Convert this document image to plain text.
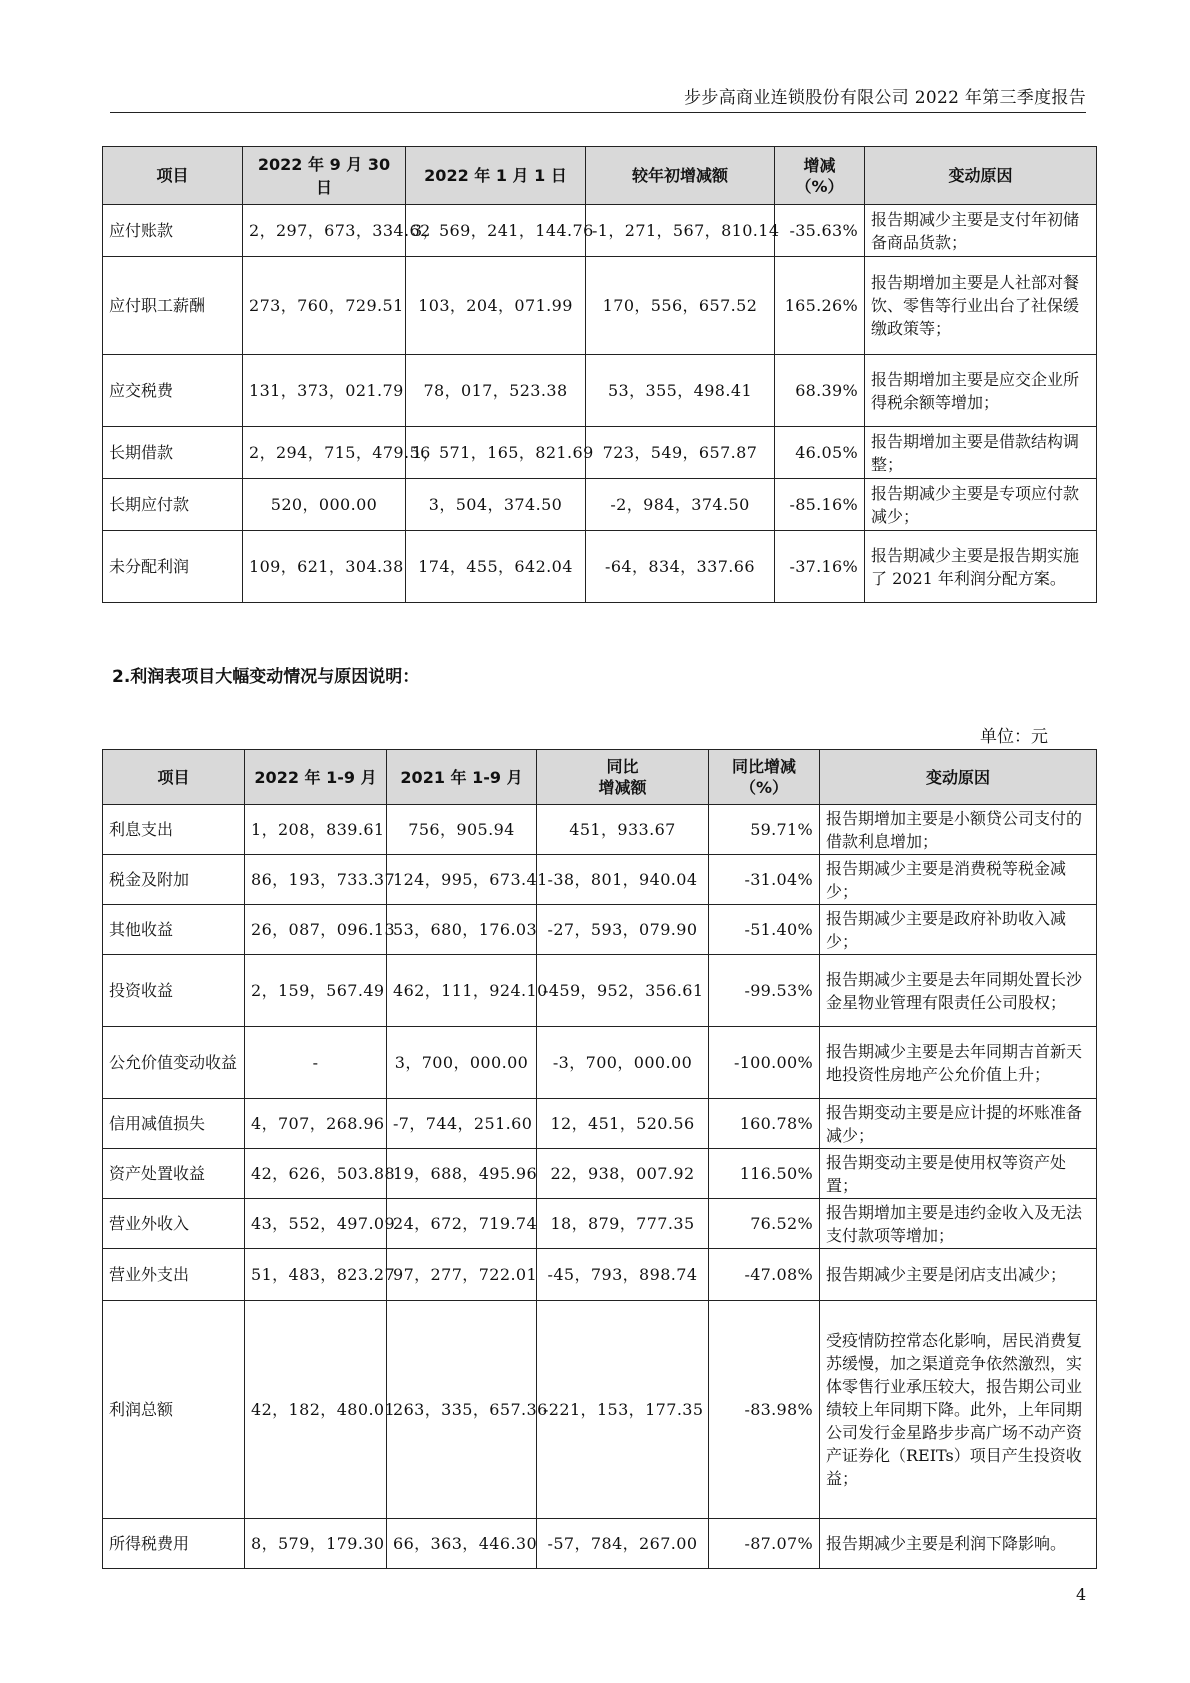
步步高商业连锁股份有限公司 2022 年第三季度报告
项目	2022 年 9 月 30 日	2022 年 1 月 1 日	较年初增减额	增减
（%）	变动原因
应付账款	2，297，673，334.62	3，569，241，144.76	-1，271，567，810.14	-35.63%	报告期减少主要是支付年初储备商品货款；
应付职工薪酬	273，760，729.51	103，204，071.99	170，556，657.52	165.26%	报告期增加主要是人社部对餐饮、零售等行业出台了社保缓缴政策等；
应交税费	131，373，021.79	78，017，523.38	53，355，498.41	68.39%	报告期增加主要是应交企业所得税余额等增加；
长期借款	2，294，715，479.56	1，571，165，821.69	723，549，657.87	46.05%	报告期增加主要是借款结构调整；
长期应付款	520，000.00	3，504，374.50	-2，984，374.50	-85.16%	报告期减少主要是专项应付款减少；
未分配利润	109，621，304.38	174，455，642.04	-64，834，337.66	-37.16%	报告期减少主要是报告期实施了 2021 年利润分配方案。
2.利润表项目大幅变动情况与原因说明：
单位：元
项目	2022 年 1-9 月	2021 年 1-9 月	同比
增减额	同比增减
（%）	变动原因
利息支出	1，208，839.61	756，905.94	451，933.67	59.71%	报告期增加主要是小额贷公司支付的借款利息增加；
税金及附加	86，193，733.37	124，995，673.41	-38，801，940.04	-31.04%	报告期减少主要是消费税等税金减少；
其他收益	26，087，096.13	53，680，176.03	-27，593，079.90	-51.40%	报告期减少主要是政府补助收入减少；
投资收益	2，159，567.49	462，111，924.10	-459，952，356.61	-99.53%	报告期减少主要是去年同期处置长沙金星物业管理有限责任公司股权；
公允价值变动收益	-	3，700，000.00	-3，700，000.00	-100.00%	报告期减少主要是去年同期吉首新天地投资性房地产公允价值上升；
信用减值损失	4，707，268.96	-7，744，251.60	12，451，520.56	160.78%	报告期变动主要是应计提的坏账准备减少；
资产处置收益	42，626，503.88	19，688，495.96	22，938，007.92	116.50%	报告期变动主要是使用权等资产处置；
营业外收入	43，552，497.09	24，672，719.74	18，879，777.35	76.52%	报告期增加主要是违约金收入及无法支付款项等增加；
营业外支出	51，483，823.27	97，277，722.01	-45，793，898.74	-47.08%	报告期减少主要是闭店支出减少；
利润总额	42，182，480.01	263，335，657.36	-221，153，177.35	-83.98%	受疫情防控常态化影响，居民消费复苏缓慢，加之渠道竞争依然激烈，实体零售行业承压较大，报告期公司业绩较上年同期下降。此外，上年同期公司发行金星路步步高广场不动产资产证券化（REITs）项目产生投资收益；
所得税费用	8，579，179.30	66，363，446.30	-57，784，267.00	-87.07%	报告期减少主要是利润下降影响。
4
